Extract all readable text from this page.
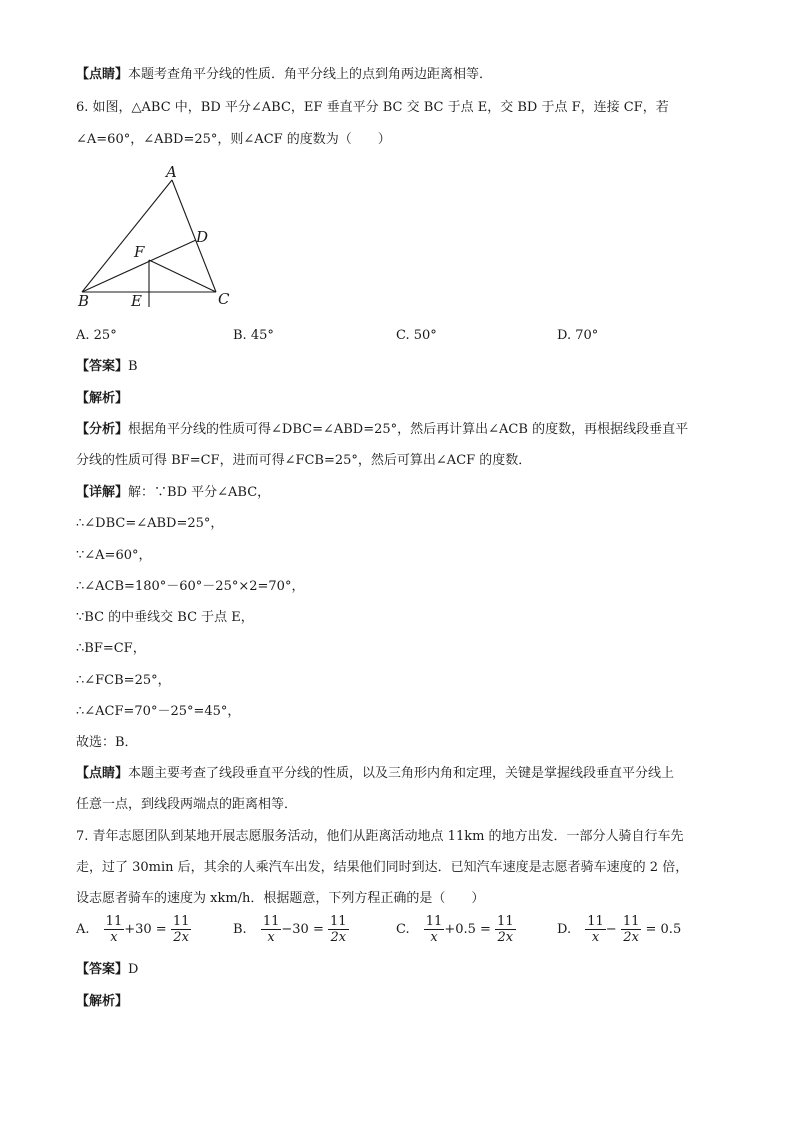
【点睛】本题考查角平分线的性质．角平分线上的点到角两边距离相等．
6. 如图，△ABC 中，BD 平分∠ABC，EF 垂直平分 BC 交 BC 于点 E，交 BD 于点 F，连接 CF，若
∠A=60°，∠ABD=25°，则∠ACF 的度数为（　　）
A
D
F
B	E	C
A. 25°	B. 45°	C. 50°	D. 70°
【答案】B
【解析】
【分析】根据角平分线的性质可得∠DBC=∠ABD=25°，然后再计算出∠ACB 的度数，再根据线段垂直平
分线的性质可得 BF=CF，进而可得∠FCB=25°，然后可算出∠ACF 的度数．
【详解】解：∵BD 平分∠ABC，
∴∠DBC=∠ABD=25°，
∵∠A=60°，
∴∠ACB=180°－60°－25°×2=70°，
∵BC 的中垂线交 BC 于点 E，
∴BF=CF，
∴∠FCB=25°，
∴∠ACF=70°－25°=45°，
故选：B．
【点睛】本题主要考查了线段垂直平分线的性质，以及三角形内角和定理，关键是掌握线段垂直平分线上
任意一点，到线段两端点的距离相等．
7. 青年志愿团队到某地开展志愿服务活动，他们从距离活动地点 11km 的地方出发．一部分人骑自行车先
走，过了 30min 后，其余的人乘汽车出发，结果他们同时到达．已知汽车速度是志愿者骑车速度的 2 倍，
设志愿者骑车的速度为 xkm/h．根据题意，下列方程正确的是（　　）
A. $\frac{11}{x} +30 = \frac{11}{2x}$	B. $\frac{11}{x} -30 = \frac{11}{2x}$	C. $\frac{11}{x} +0.5 = \frac{11}{2x}$	D. $\frac{11}{x} - \frac{11}{2x} = 0.5$
【答案】D
【解析】
